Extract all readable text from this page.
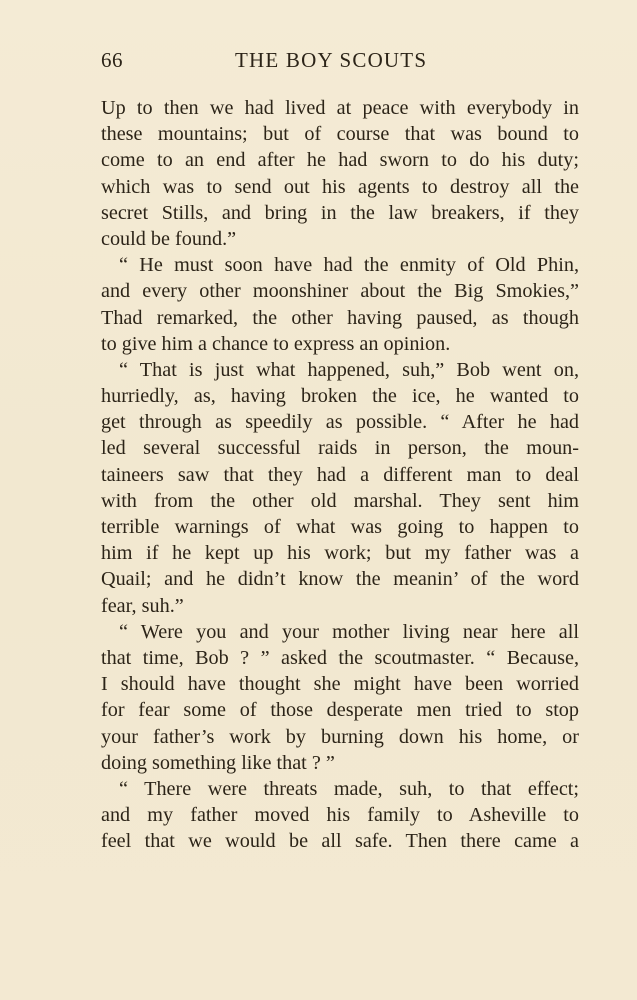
66	THE BOY SCOUTS
Up to then we had lived at peace with everybody in
these mountains; but of course that was bound to
come to an end after he had sworn to do his duty;
which was to send out his agents to destroy all the
secret Stills, and bring in the law breakers, if they
could be found.”
“ He must soon have had the enmity of Old Phin,
and every other moonshiner about the Big Smokies,”
Thad remarked, the other having paused, as though
to give him a chance to express an opinion.
“ That is just what happened, suh,” Bob went on,
hurriedly, as, having broken the ice, he wanted to
get through as speedily as possible. “ After he had
led several successful raids in person, the moun-
taineers saw that they had a different man to deal
with from the other old marshal. They sent him
terrible warnings of what was going to happen to
him if he kept up his work; but my father was a
Quail; and he didn’t know the meanin’ of the word
fear, suh.”
“ Were you and your mother living near here all
that time, Bob ? ” asked the scoutmaster. “ Because,
I should have thought she might have been worried
for fear some of those desperate men tried to stop
your father’s work by burning down his home, or
doing something like that ? ”
“ There were threats made, suh, to that effect;
and my father moved his family to Asheville to
feel that we would be all safe. Then there came a
